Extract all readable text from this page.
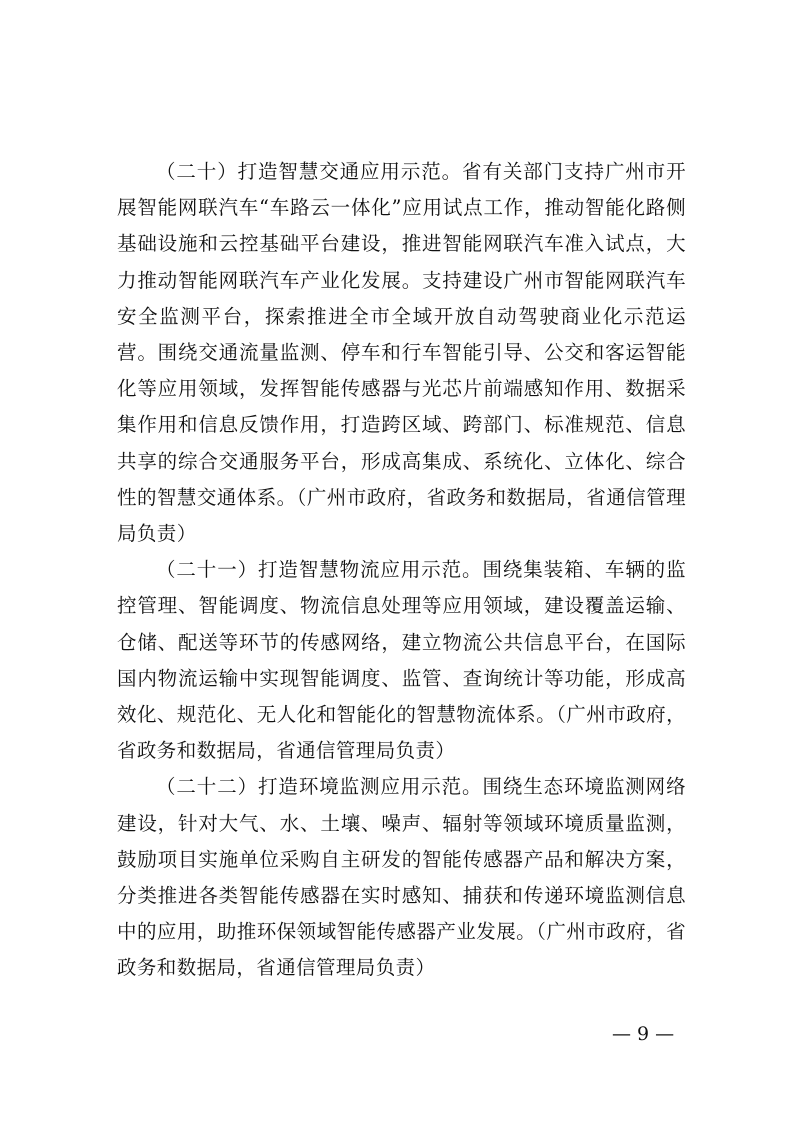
（二十）打造智慧交通应用示范。省有关部门支持广州市开展智能网联汽车“车路云一体化”应用试点工作，推动智能化路侧基础设施和云控基础平台建设，推进智能网联汽车准入试点，大力推动智能网联汽车产业化发展。支持建设广州市智能网联汽车安全监测平台，探索推进全市全域开放自动驾驶商业化示范运营。围绕交通流量监测、停车和行车智能引导、公交和客运智能化等应用领域，发挥智能传感器与光芯片前端感知作用、数据采集作用和信息反馈作用，打造跨区域、跨部门、标准规范、信息共享的综合交通服务平台，形成高集成、系统化、立体化、综合性的智慧交通体系。（广州市政府，省政务和数据局，省通信管理局负责）

（二十一）打造智慧物流应用示范。围绕集装箱、车辆的监控管理、智能调度、物流信息处理等应用领域，建设覆盖运输、仓储、配送等环节的传感网络，建立物流公共信息平台，在国际国内物流运输中实现智能调度、监管、查询统计等功能，形成高效化、规范化、无人化和智能化的智慧物流体系。（广州市政府，省政务和数据局，省通信管理局负责）

（二十二）打造环境监测应用示范。围绕生态环境监测网络建设，针对大气、水、土壤、噪声、辐射等领域环境质量监测，鼓励项目实施单位采购自主研发的智能传感器产品和解决方案，分类推进各类智能传感器在实时感知、捕获和传递环境监测信息中的应用，助推环保领域智能传感器产业发展。（广州市政府，省政务和数据局，省通信管理局负责）

— 9 —
